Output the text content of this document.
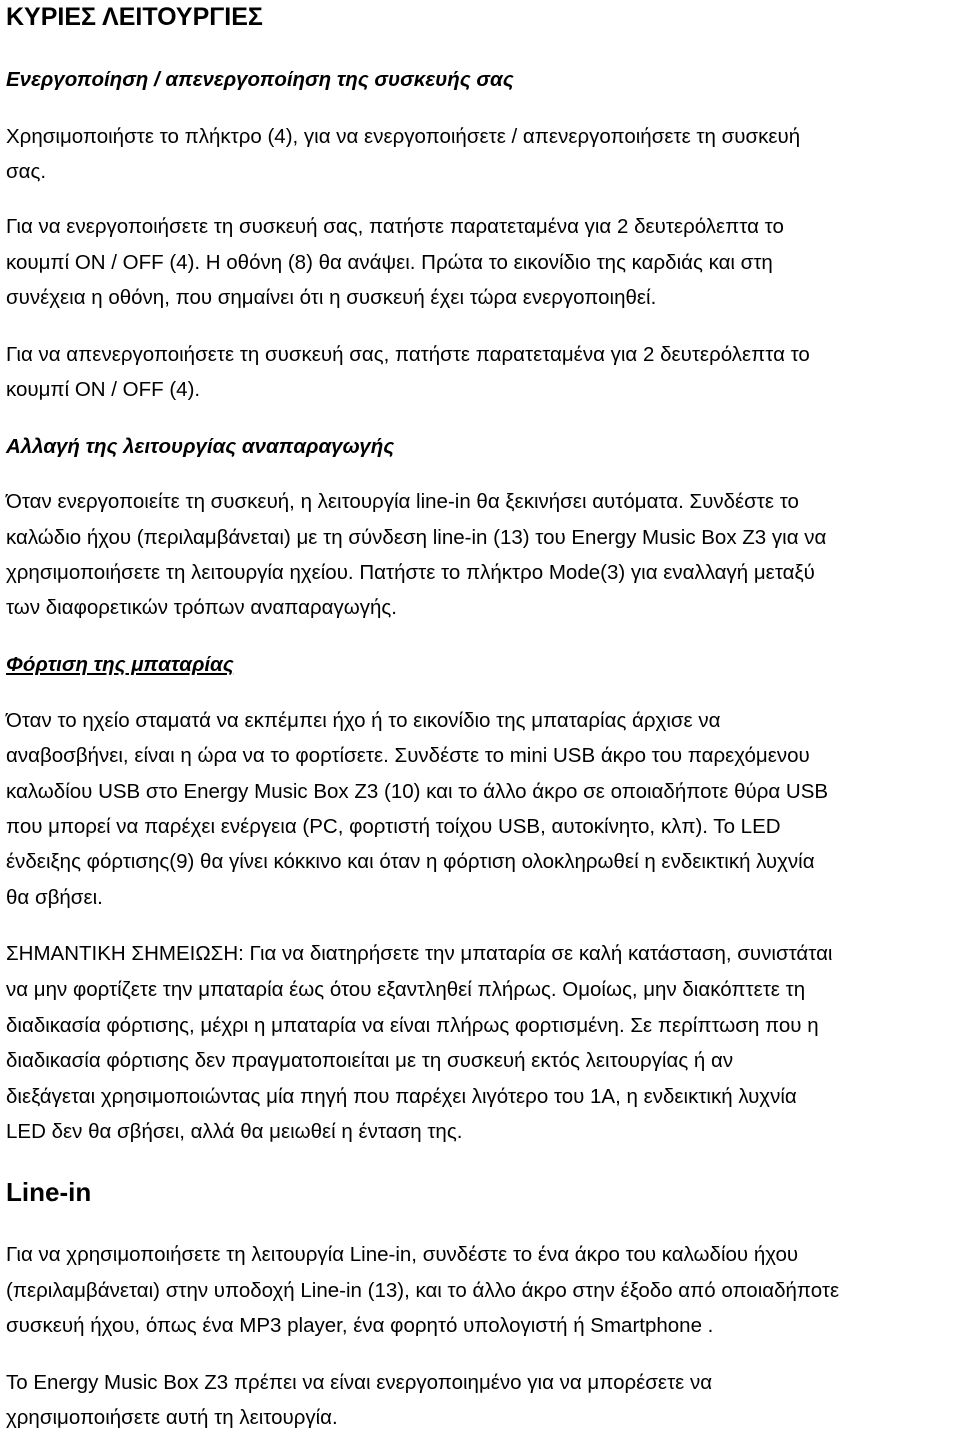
ΚΥΡΙΕΣ ΛΕΙΤΟΥΡΓΙΕΣ
Ενεργοποίηση / απενεργοποίηση της συσκευής σας
Χρησιμοποιήστε το πλήκτρο (4), για να ενεργοποιήσετε / απενεργοποιήσετε τη συσκευή
σας.
Για να ενεργοποιήσετε τη συσκευή σας, πατήστε παρατεταμένα για 2 δευτερόλεπτα το
κουμπί ON / OFF (4). Η οθόνη (8) θα ανάψει. Πρώτα το εικονίδιο της καρδιάς και στη
συνέχεια η οθόνη, που σημαίνει ότι η συσκευή έχει τώρα ενεργοποιηθεί.
Για να απενεργοποιήσετε τη συσκευή σας, πατήστε παρατεταμένα για 2 δευτερόλεπτα το
κουμπί ON / OFF (4).
Αλλαγή της λειτουργίας αναπαραγωγής
Όταν ενεργοποιείτε τη συσκευή, η λειτουργία line-in θα ξεκινήσει αυτόματα. Συνδέστε το
καλώδιο ήχου (περιλαμβάνεται) με τη σύνδεση line-in (13) του Energy Music Box Z3 για να
χρησιμοποιήσετε τη λειτουργία ηχείου. Πατήστε το πλήκτρο Mode(3) για εναλλαγή μεταξύ
των διαφορετικών τρόπων αναπαραγωγής.
Φόρτιση της μπαταρίας
Όταν το ηχείο σταματά να εκπέμπει ήχο ή το εικονίδιο της μπαταρίας άρχισε να
αναβοσβήνει, είναι η ώρα να το φορτίσετε. Συνδέστε το mini USB άκρο του παρεχόμενου
καλωδίου USB στο Energy Music Box Z3 (10) και το άλλο άκρο σε οποιαδήποτε θύρα USB
που μπορεί να παρέχει ενέργεια (PC, φορτιστή τοίχου USB, αυτοκίνητο, κλπ). Το LED
ένδειξης φόρτισης(9) θα γίνει κόκκινο και όταν η φόρτιση ολοκληρωθεί η ενδεικτική λυχνία
θα σβήσει.
ΣΗΜΑΝΤΙΚΗ ΣΗΜΕΙΩΣΗ: Για να διατηρήσετε την μπαταρία σε καλή κατάσταση, συνιστάται
να μην φορτίζετε την μπαταρία έως ότου εξαντληθεί πλήρως. Ομοίως, μην διακόπτετε τη
διαδικασία φόρτισης, μέχρι η μπαταρία να είναι πλήρως φορτισμένη. Σε περίπτωση που η
διαδικασία φόρτισης δεν πραγματοποιείται με τη συσκευή εκτός λειτουργίας ή αν
διεξάγεται χρησιμοποιώντας μία πηγή που παρέχει λιγότερο του 1A, η ενδεικτική λυχνία
LED δεν θα σβήσει, αλλά θα μειωθεί η ένταση της.
Line-in
Για να χρησιμοποιήσετε τη λειτουργία Line-in, συνδέστε το ένα άκρο του καλωδίου ήχου
(περιλαμβάνεται) στην υποδοχή Line-in (13), και το άλλο άκρο στην έξοδο από οποιαδήποτε
συσκευή ήχου, όπως ένα MP3 player, ένα φορητό υπολογιστή ή Smartphone .
Το Energy Music Box Z3 πρέπει να είναι ενεργοποιημένο για να μπορέσετε να
χρησιμοποιήσετε αυτή τη λειτουργία.
